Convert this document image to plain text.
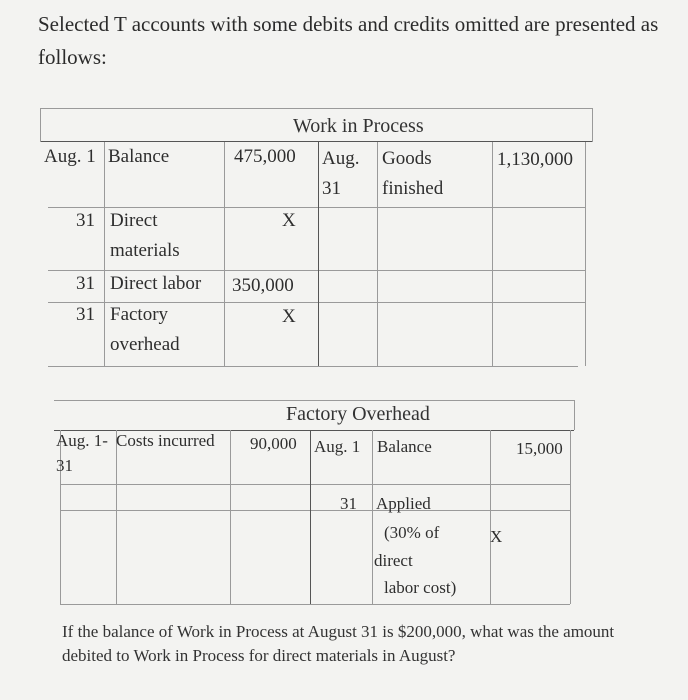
Selected T accounts with some debits and credits omitted are presented as follows:
Work in Process
Aug. 1 Balance	475,000
31 Direct materials
X
31 Direct labor 350,000
31 Factory overhead
X
Aug.
31
Goods
finished
1,130,000
Factory Overhead
Aug. 1-
31
Costs incurred 90,000 Aug. 1 Balance	15,000
31 Applied
(30% of
direct
labor cost)
X
If the balance of Work in Process at August 31 is $200,000, what was the amount debited to Work in Process for direct materials in August?
